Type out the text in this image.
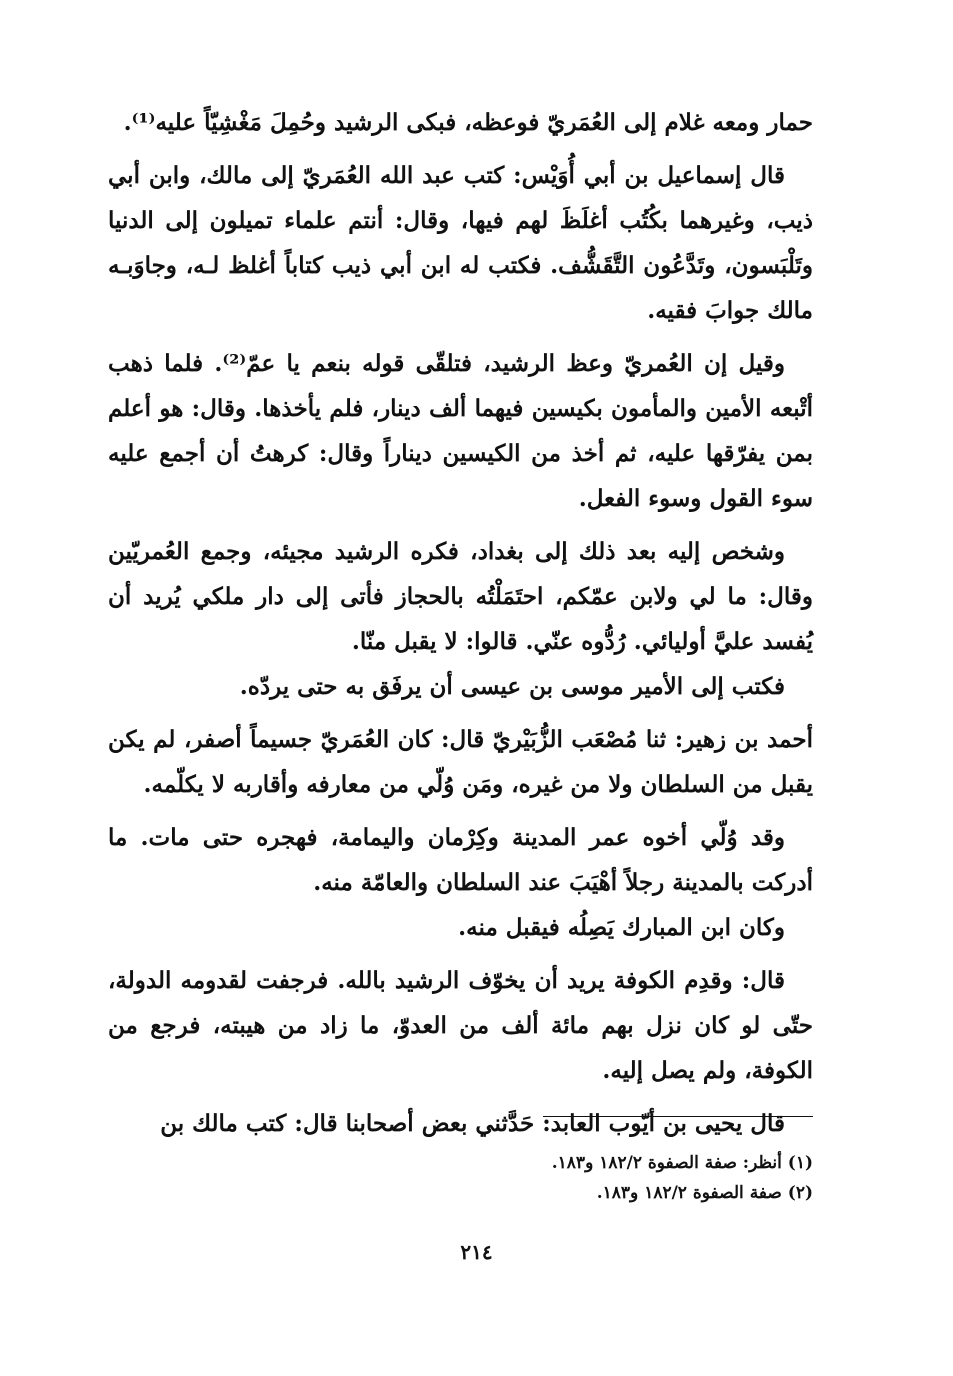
حمار ومعه غلام إلى العُمَريّ فوعظه، فبكى الرشيد وحُمِلَ مَغْشِيّاً عليه⁽¹⁾.

قال إسماعيل بن أبي أُوَيْس: كتب عبد الله العُمَريّ إلى مالك، وابن أبي ذيب، وغيرهما بكُتُب أغلَظَ لهم فيها، وقال: أنتم علماء تميلون إلى الدنيا وتَلْبَسون، وتَدَّعُون التَّقَشُّف. فكتب له ابن أبي ذيب كتاباً أغلظ لـه، وجاوَبـه مالك جوابَ فقيه.

وقيل إن العُمريّ وعظ الرشيد، فتلقّى قوله بنعم يا عمّ⁽²⁾. فلما ذهب أتْبعه الأمين والمأمون بكيسين فيهما ألف دينار، فلم يأخذها. وقال: هو أعلم بمن يفرّقها عليه، ثم أخذ من الكيسين ديناراً وقال: كرهتُ أن أجمع عليه سوء القول وسوء الفعل.

وشخص إليه بعد ذلك إلى بغداد، فكره الرشيد مجيئه، وجمع العُمريّين وقال: ما لي ولابن عمّكم، احتَمَلْتُه بالحجاز فأتى إلى دار ملكي يُريد أن يُفسد عليَّ أوليائي. رُدُّوه عنّي. قالوا: لا يقبل منّا.

فكتب إلى الأمير موسى بن عيسى أن يرفَق به حتى يردّه.

أحمد بن زهير: ثنا مُصْعَب الزُّبَيْريّ قال: كان العُمَريّ جسيماً أصفر، لم يكن يقبل من السلطان ولا من غيره، ومَن وُلّي من معارفه وأقاربه لا يكلّمه.

وقد وُلّي أخوه عمر المدينة وكِرْمان واليمامة، فهجره حتى مات. ما أدركت بالمدينة رجلاً أهْيَبَ عند السلطان والعامّة منه.

وكان ابن المبارك يَصِلُه فيقبل منه.

قال: وقدِم الكوفة يريد أن يخوّف الرشيد بالله. فرجفت لقدومه الدولة، حتّى لو كان نزل بهم مائة ألف من العدوّ، ما زاد من هيبته، فرجع من الكوفة، ولم يصل إليه.

قال يحيى بن أيّوب العابد: حَدَّثني بعض أصحابنا قال: كتب مالك بن

(١) أنظر: صفة الصفوة ١٨٢/٢ و١٨٣.

(٢) صفة الصفوة ١٨٢/٢ و١٨٣.

٢١٤
